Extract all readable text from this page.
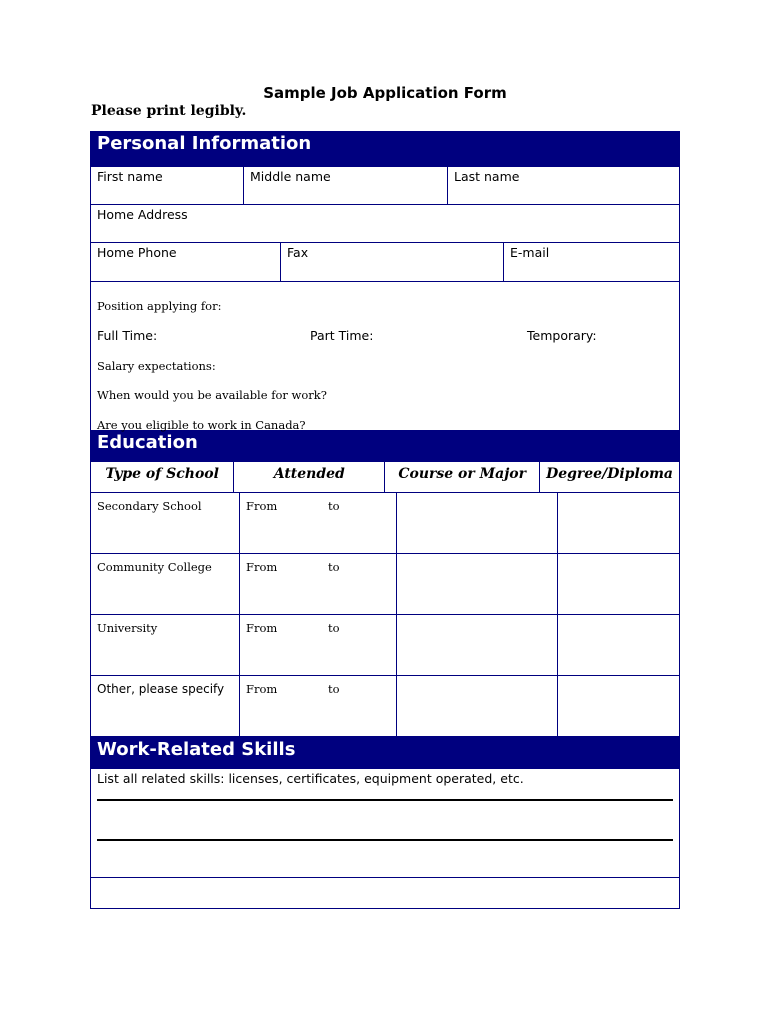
Sample Job Application Form
Please print legibly.
Personal Information
First name	Middle name	Last name
Home Address
Home Phone	Fax	E-mail
Position applying for:
Full Time:	Part Time:	Temporary:
Salary expectations:
When would you be available for work?
Are you eligible to work in Canada?
Education
Type of School	Attended	Course or Major	Degree/Diploma
Secondary School	From	to
Community College	From	to
University	From	to
Other, please specify	From	to
Work-Related Skills
List all related skills: licenses, certificates, equipment operated, etc.
